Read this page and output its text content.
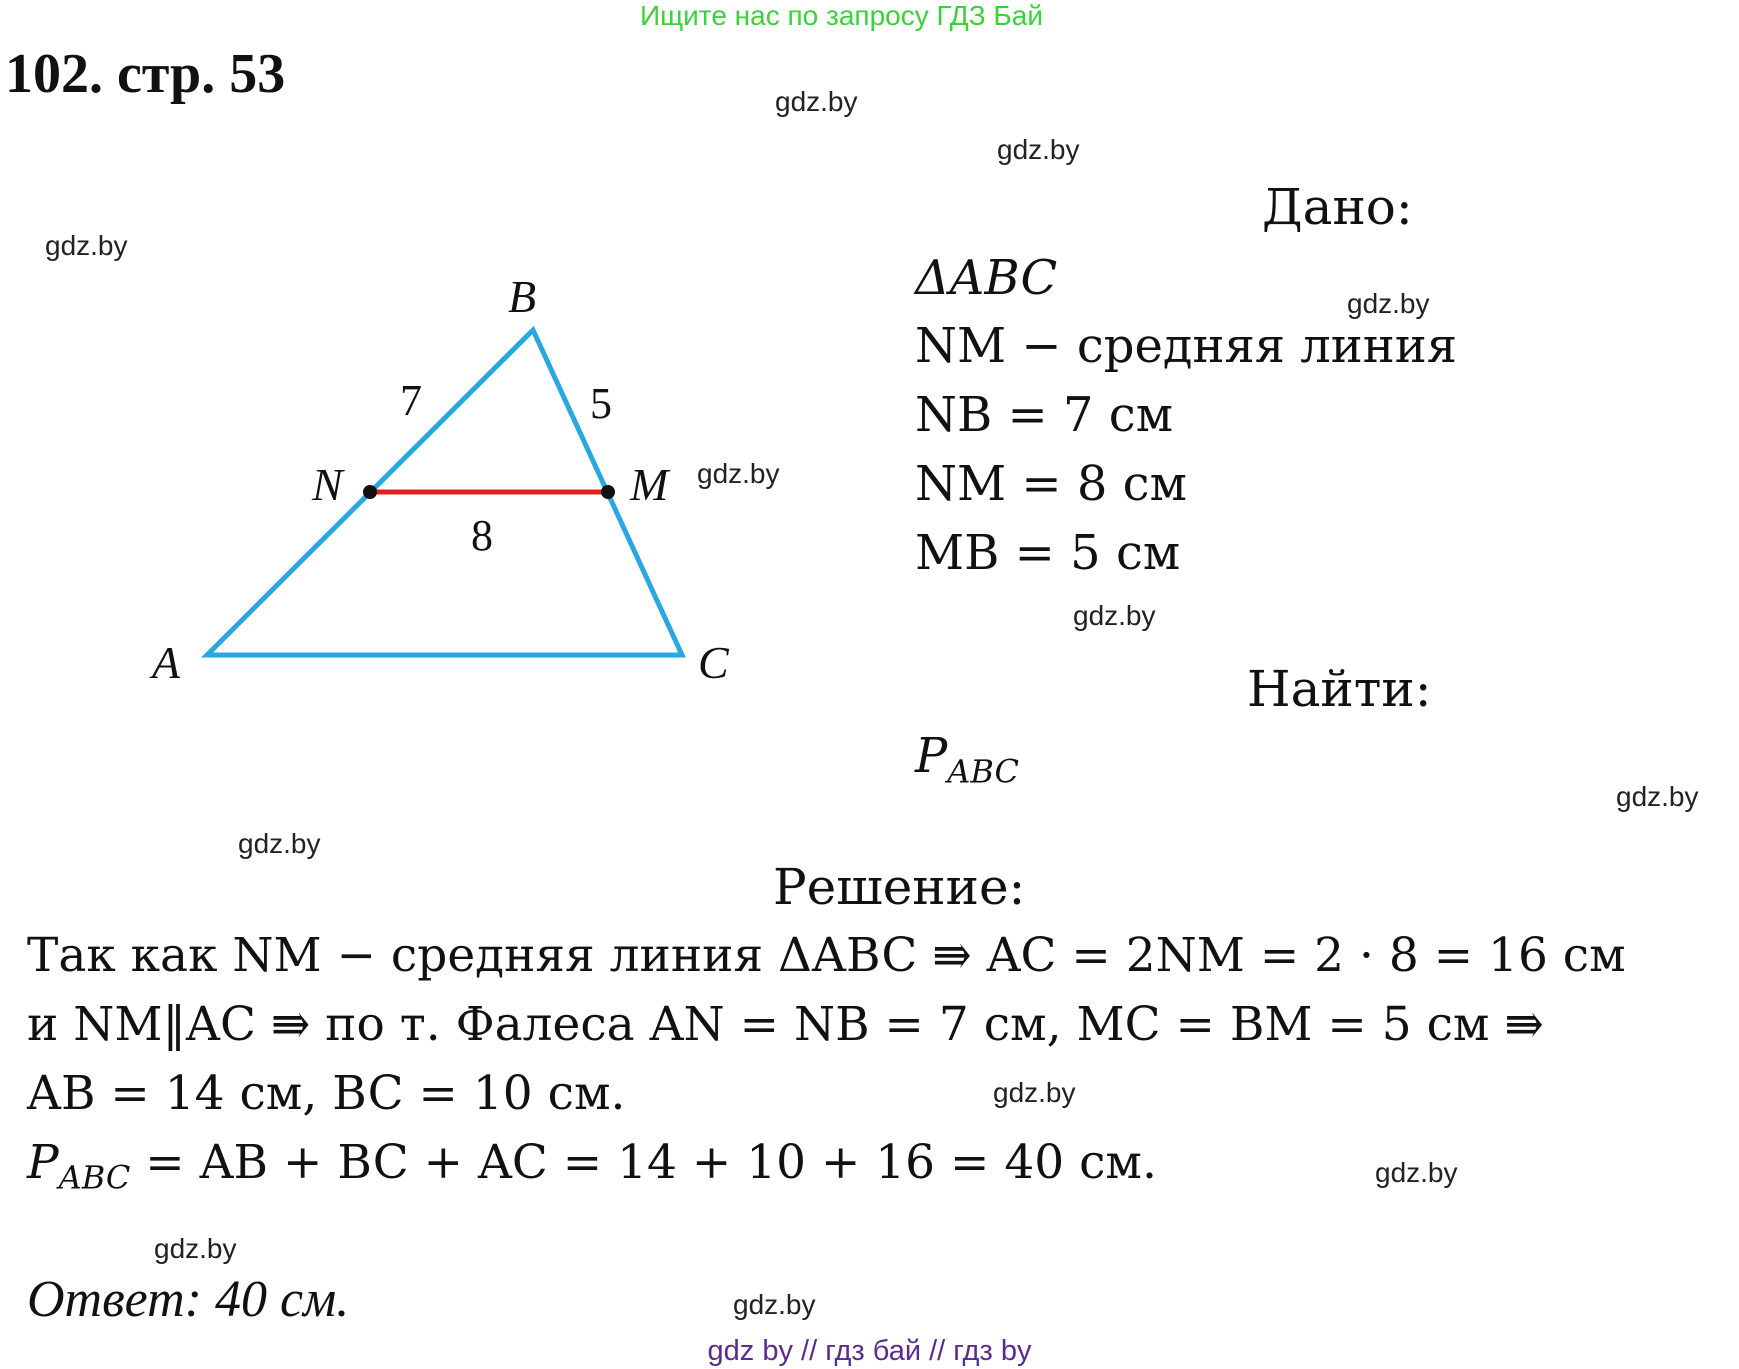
Ищите нас по запросу ГДЗ Бай
102. стр. 53	gdz.by
gdz.by
gdz.by
gdz.by
gdz.by
gdz.by
gdz.by
gdz.by
gdz.by
gdz.by
gdz.by
gdz.by
B
N	M
A	C
7	5
8
Дано:
ΔABC
NM − средняя линия
NB = 7 см
NM = 8 см
MB = 5 см
Найти:
$P_{ABC}$
Решение:
Так как NM − средняя линия ΔABC ⇛ AC = 2NM = 2 · 8 = 16 см
и NM‖AC ⇛ по т. Фалеса AN = NB = 7 см, MC = BM = 5 см ⇛
AB = 14 см, BC = 10 см.
$P_{ABC}$ = AB + BC + AC = 14 + 10 + 16 = 40 см.
Ответ: 40 см.
gdz by // гдз бай // гдз by
